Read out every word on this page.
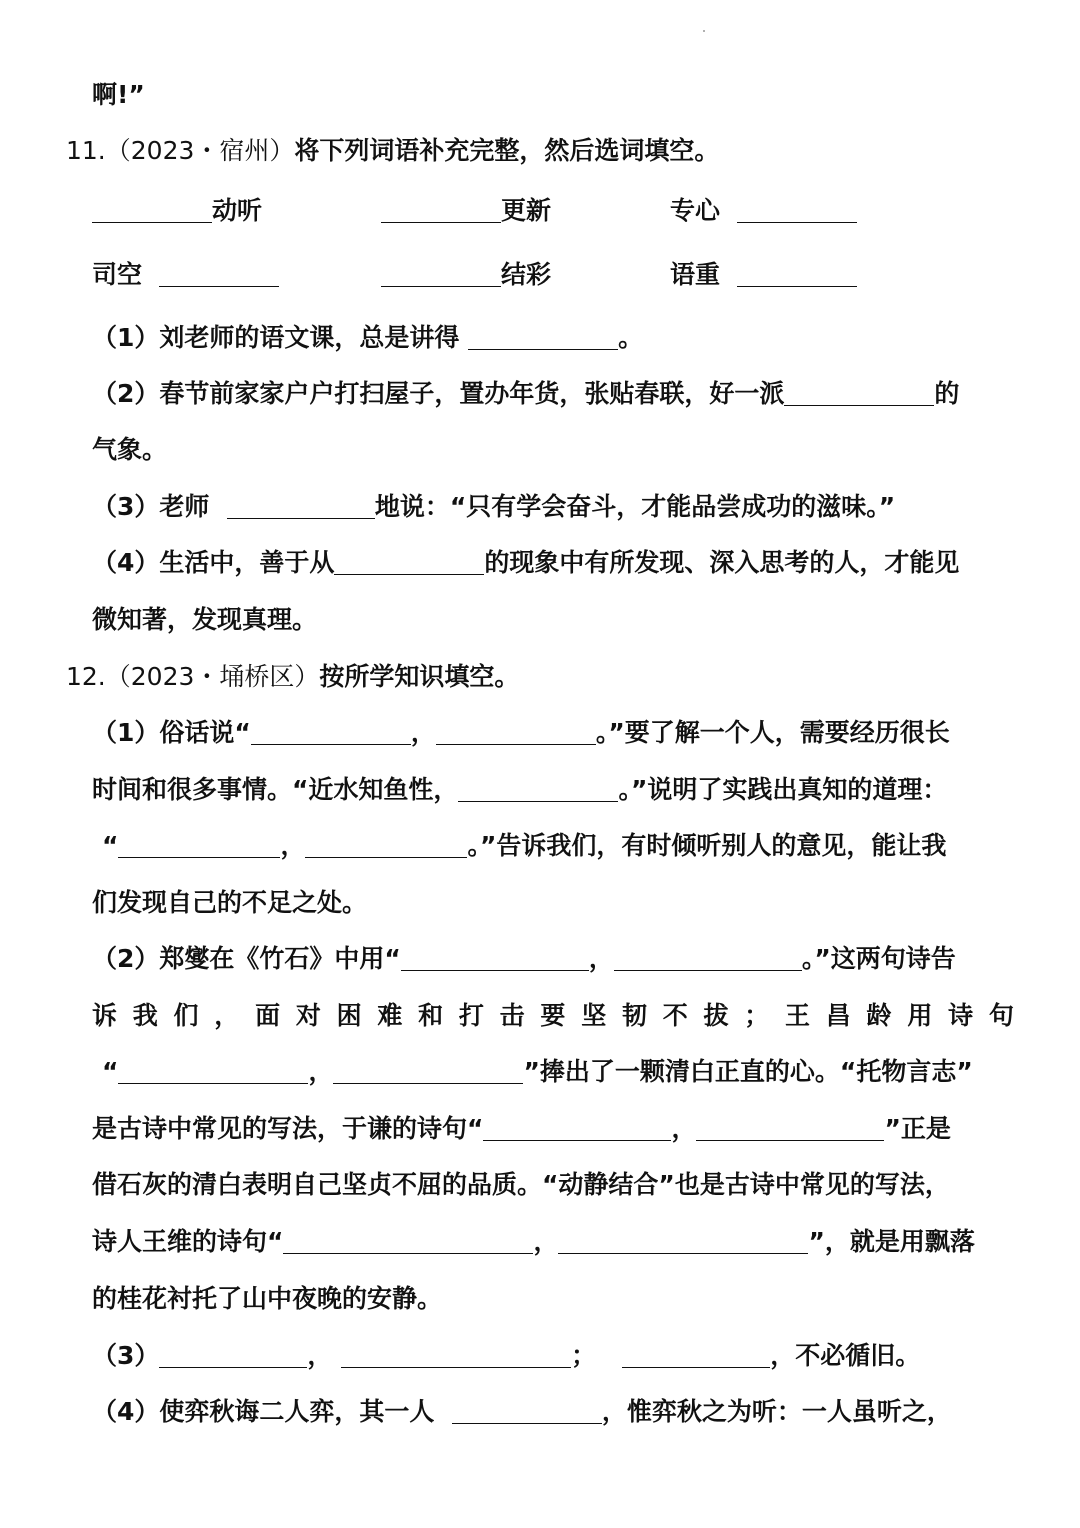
啊!”
11.（2023・宿州）将下列词语补充完整，然后选词填空。
动听	更新	专心
司空	结彩	语重
（1）刘老师的语文课，总是讲得	。
（2）春节前家家户户打扫屋子，置办年货，张贴春联，好一派	的
气象。
（3）老师	地说：“只有学会奋斗，才能品尝成功的滋味。”
（4）生活中，善于从	的现象中有所发现、深入思考的人，才能见
微知著，发现真理。
12.（2023・埇桥区）按所学知识填空。
（1）俗话说“	，	。”要了解一个人，需要经历很长
时间和很多事情。“近水知鱼性，	。”说明了实践出真知的道理：
“	，	。”告诉我们，有时倾听别人的意见，能让我
们发现自己的不足之处。
（2）郑燮在《竹石》中用“	，	。”这两句诗告
诉 我 们 ， 面 对 困 难 和 打 击 要 坚 韧 不 拔 ； 王 昌 龄 用 诗 句
“	，	”捧出了一颗清白正直的心。“托物言志”
是古诗中常见的写法，于谦的诗句“	，	”正是
借石灰的清白表明自己坚贞不屈的品质。“动静结合”也是古诗中常见的写法，
诗人王维的诗句“	，	”，就是用飘落
的桂花衬托了山中夜晚的安静。
（3）	，	；	，不必循旧。
（4）使弈秋诲二人弈，其一人	，惟弈秋之为听：一人虽听之，
